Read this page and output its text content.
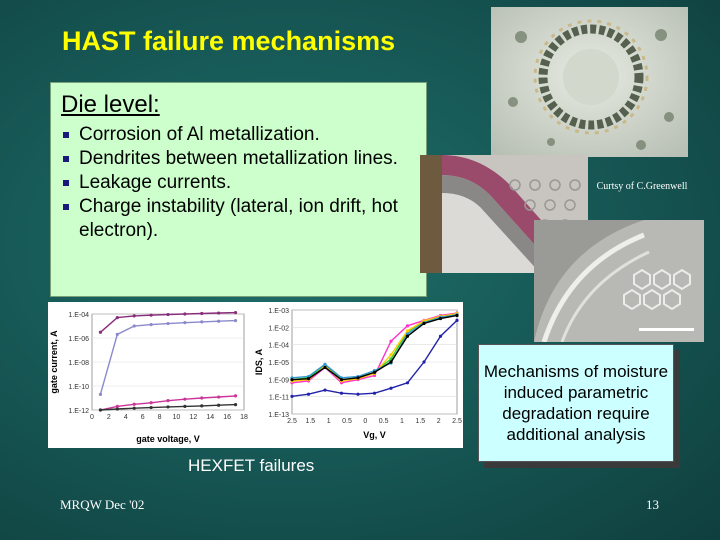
HAST failure mechanisms
Die level:
Corrosion of Al metallization.
Dendrites between metallization lines.
Leakage currents.
Charge instability (lateral, ion drift, hot electron).
Curtsy of C.Greenwell
1.E-04
1.E-06
1.E-08
1.E-10
1.E-12
0 2 4 6 8 10 12 14 16 18
gate voltage, V
gate current, A
1.E-03
1.E-02
1.E-04
1.E-05
1.E-09
1.E-11
1.E-13
2.5 1.5 1 0.5 0 0.5 1 1.5 2 2.5
Vg, V
IDS, A
HEXFET failures
Mechanisms of moisture induced parametric degradation require additional analysis
MRQW Dec '02	13
